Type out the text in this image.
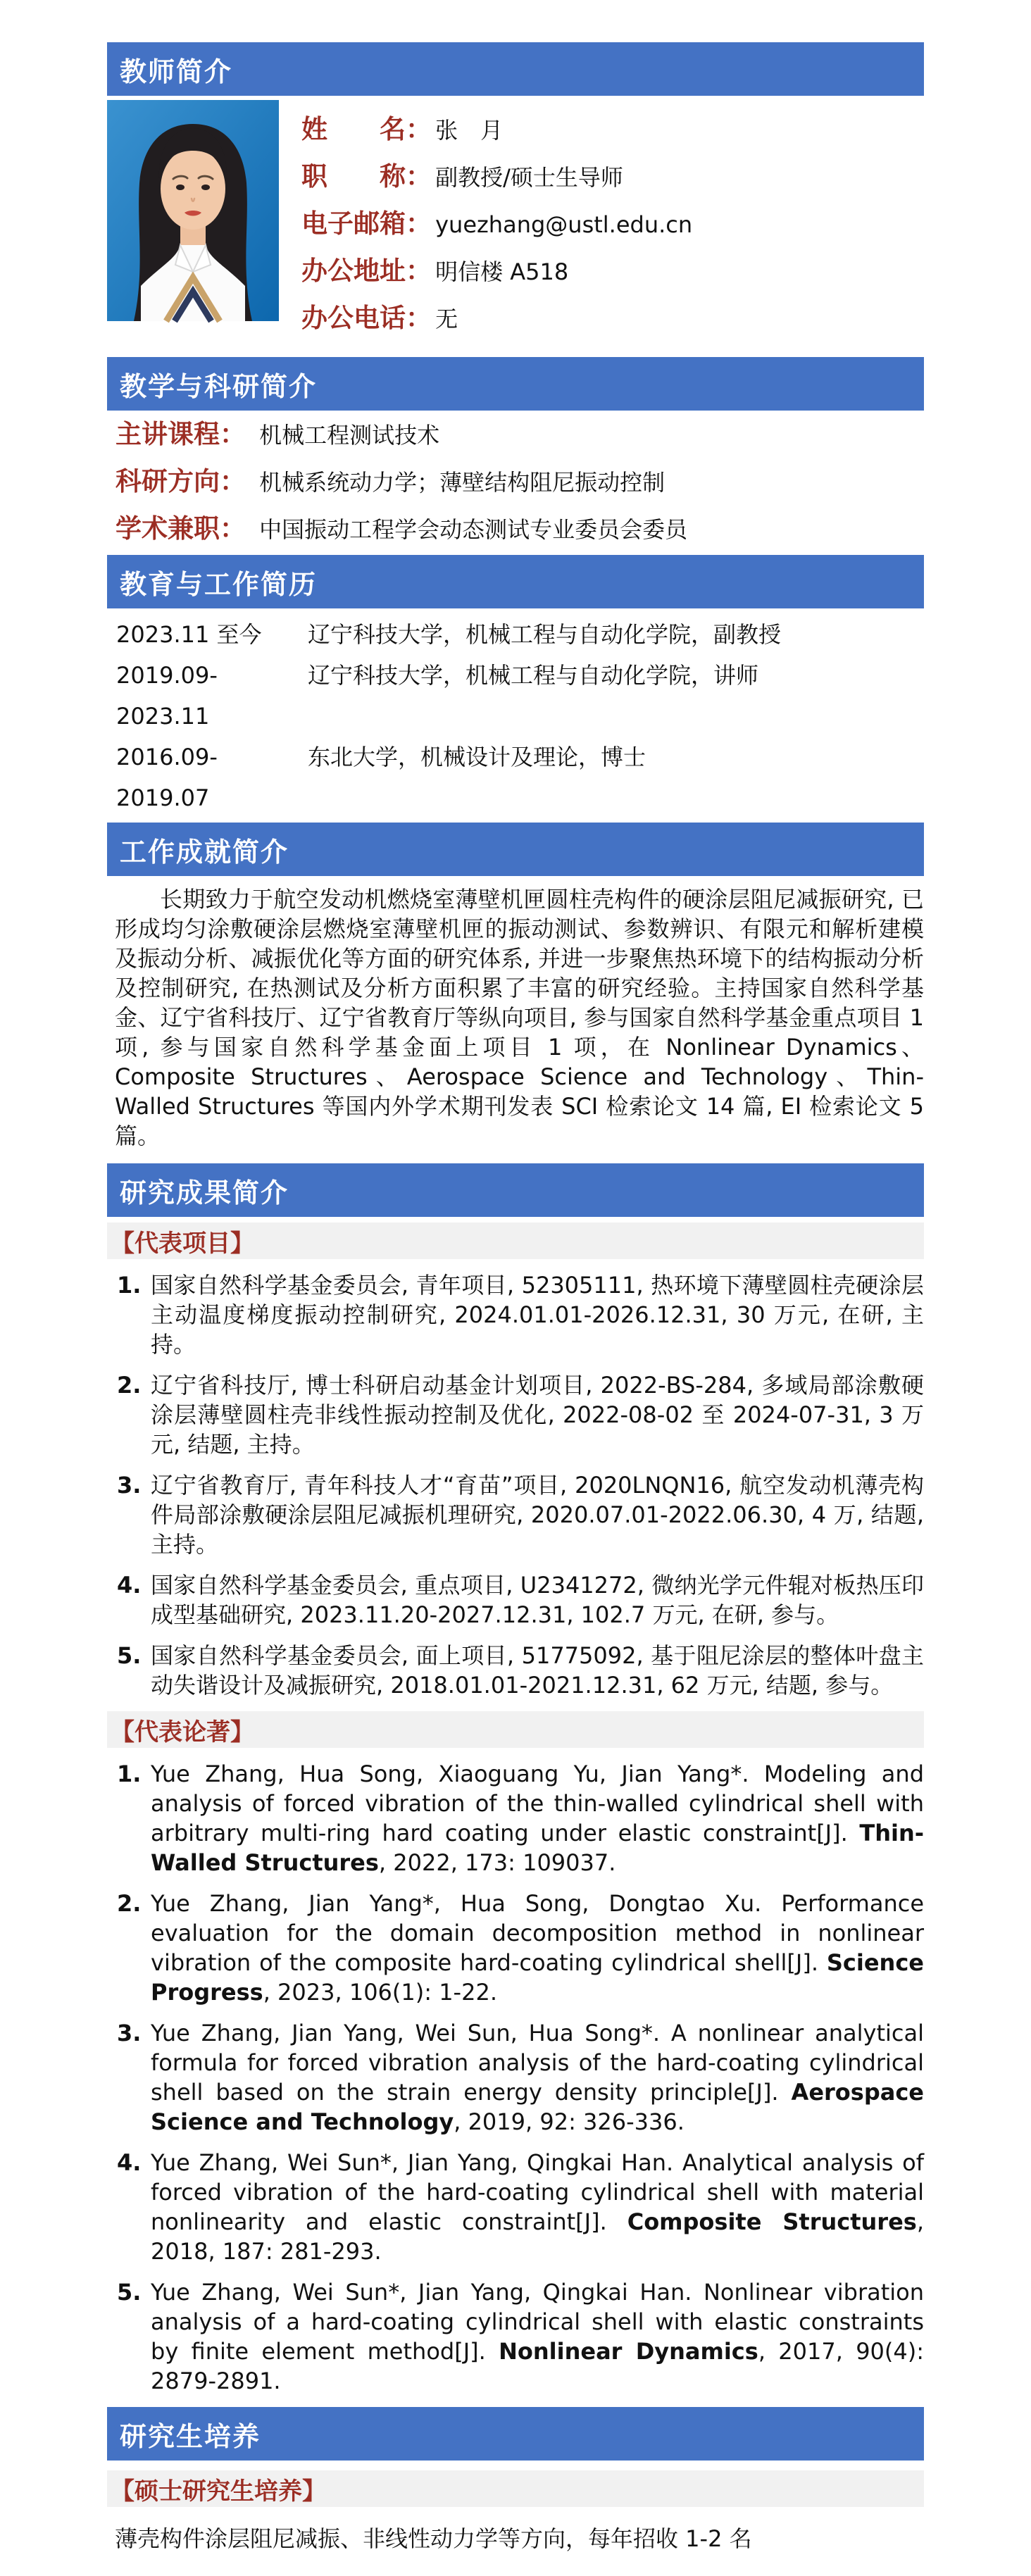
教师简介
姓　　名： 张　月
职　　称： 副教授/硕士生导师
电子邮箱： yuezhang@ustl.edu.cn
办公地址： 明信楼 A518
办公电话： 无
教学与科研简介
主讲课程： 机械工程测试技术
科研方向： 机械系统动力学；薄壁结构阻尼振动控制
学术兼职： 中国振动工程学会动态测试专业委员会委员
教育与工作简历
2023.11 至今	辽宁科技大学，机械工程与自动化学院，副教授
2019.09-2023.11
辽宁科技大学，机械工程与自动化学院，讲师
2016.09-2019.07
东北大学，机械设计及理论，博士
工作成就简介

长期致力于航空发动机燃烧室薄壁机匣圆柱壳构件的硬涂层阻尼减振研究, 已形成均匀涂敷硬涂层燃烧室薄壁机匣的振动测试、参数辨识、有限元和解析建模及振动分析、减振优化等方面的研究体系, 并进一步聚焦热环境下的结构振动分析及控制研究, 在热测试及分析方面积累了丰富的研究经验。主持国家自然科学基金、辽宁省科技厅、辽宁省教育厅等纵向项目, 参与国家自然科学基金重点项目 1 项, 参与国家自然科学基金面上项目 1 项，在 Nonlinear Dynamics、Composite Structures、Aerospace Science and Technology、Thin-Walled Structures 等国内外学术期刊发表 SCI 检索论文 14 篇, EI 检索论文 5 篇。

研究成果简介
【代表项目】
1. 国家自然科学基金委员会, 青年项目, 52305111, 热环境下薄壁圆柱壳硬涂层主动温度梯度振动控制研究, 2024.01.01-2026.12.31, 30 万元, 在研, 主持。
2. 辽宁省科技厅, 博士科研启动基金计划项目, 2022-BS-284, 多域局部涂敷硬涂层薄壁圆柱壳非线性振动控制及优化, 2022-08-02 至 2024-07-31, 3 万元, 结题, 主持。
3. 辽宁省教育厅, 青年科技人才“育苗”项目, 2020LNQN16, 航空发动机薄壳构件局部涂敷硬涂层阻尼减振机理研究, 2020.07.01-2022.06.30, 4 万, 结题, 主持。
4. 国家自然科学基金委员会, 重点项目, U2341272, 微纳光学元件辊对板热压印成型基础研究, 2023.11.20-2027.12.31, 102.7 万元, 在研, 参与。
5. 国家自然科学基金委员会, 面上项目, 51775092, 基于阻尼涂层的整体叶盘主动失谐设计及减振研究, 2018.01.01-2021.12.31, 62 万元, 结题, 参与。
【代表论著】
1. Yue Zhang, Hua Song, Xiaoguang Yu, Jian Yang*. Modeling and analysis of forced vibration of the thin-walled cylindrical shell with arbitrary multi-ring hard coating under elastic constraint[J]. Thin-Walled Structures, 2022, 173: 109037.
2. Yue Zhang, Jian Yang*, Hua Song, Dongtao Xu. Performance evaluation for the domain decomposition method in nonlinear vibration of the composite hard-coating cylindrical shell[J]. Science Progress, 2023, 106(1): 1-22.
3. Yue Zhang, Jian Yang, Wei Sun, Hua Song*. A nonlinear analytical formula for forced vibration analysis of the hard-coating cylindrical shell based on the strain energy density principle[J]. Aerospace Science and Technology, 2019, 92: 326-336.
4. Yue Zhang, Wei Sun*, Jian Yang, Qingkai Han. Analytical analysis of forced vibration of the hard-coating cylindrical shell with material nonlinearity and elastic constraint[J]. Composite Structures, 2018, 187: 281-293.
5. Yue Zhang, Wei Sun*, Jian Yang, Qingkai Han. Nonlinear vibration analysis of a hard-coating cylindrical shell with elastic constraints by finite element method[J]. Nonlinear Dynamics, 2017, 90(4): 2879-2891.
研究生培养
【硕士研究生培养】

薄壳构件涂层阻尼减振、非线性动力学等方向，每年招收 1-2 名
